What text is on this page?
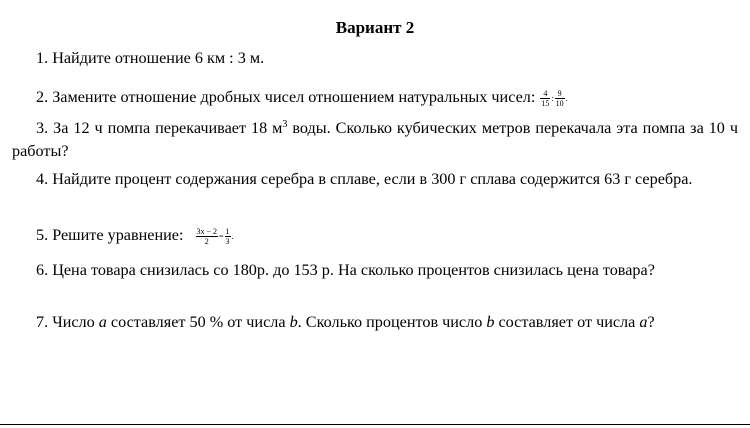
Вариант 2
1. Найдите отношение 6 км : 3 м.
2. Замените отношение дробных чисел отношением натуральных чисел: $\frac{4}{15}$ : $\frac{9}{10}$ .
3. За 12 ч помпа перекачивает 18 $м^3$ воды. Сколько кубических метров перекачала эта помпа за 10 ч работы?
4. Найдите процент содержания серебра в сплаве, если в 300 г сплава содержится 63 г серебра.
5. Решите уравнение: $\frac{3x - 2}{2} = \frac{1}{3}$ .
6. Цена товара снизилась со 180р. до 153 р. На сколько процентов снизилась цена товара?
7. Число a составляет 50 % от числа b. Сколько процентов число b составляет от числа a?
